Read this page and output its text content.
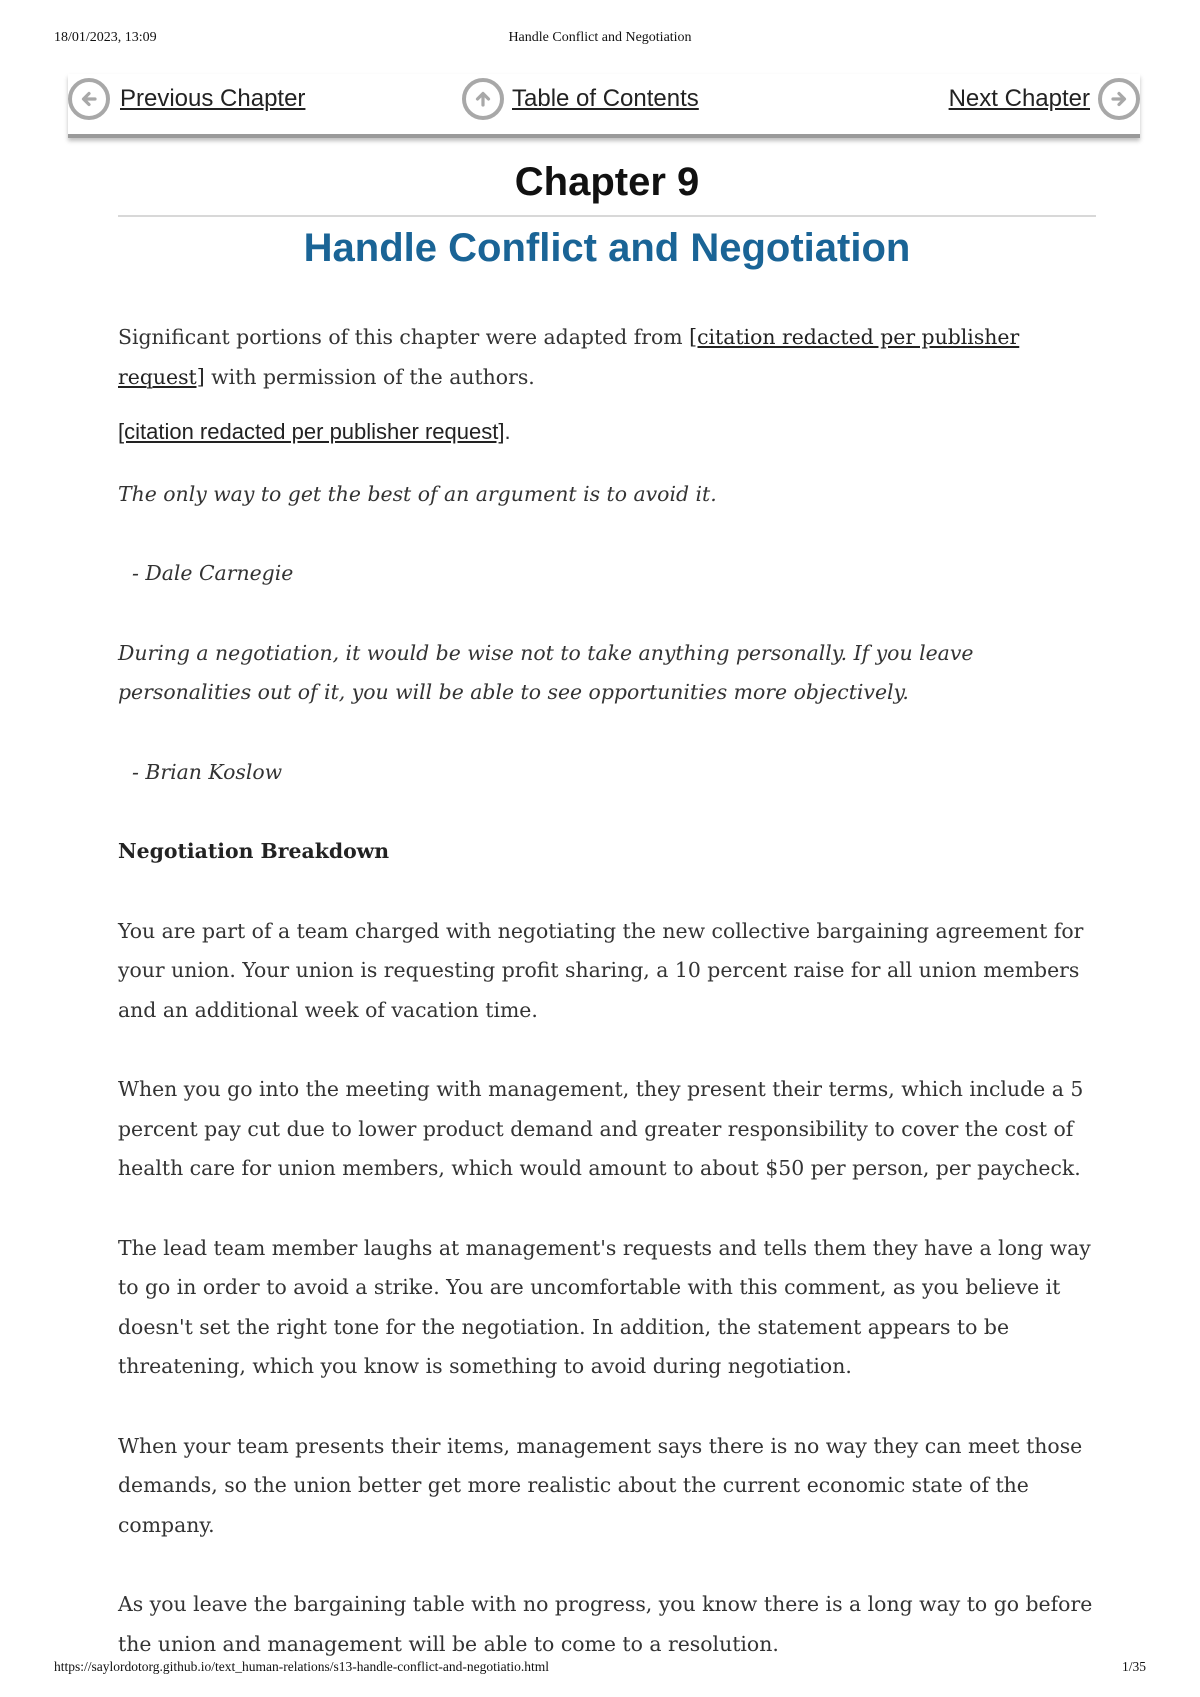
18/01/2023, 13:09	Handle Conflict and Negotiation
Previous Chapter	Table of Contents	Next Chapter
Chapter 9
Handle Conflict and Negotiation

Significant portions of this chapter were adapted from [citation redacted per publisher request] with permission of the authors.

[citation redacted per publisher request].

The only way to get the best of an argument is to avoid it.

- Dale Carnegie

During a negotiation, it would be wise not to take anything personally. If you leave personalities out of it, you will be able to see opportunities more objectively.

- Brian Koslow

Negotiation Breakdown

You are part of a team charged with negotiating the new collective bargaining agreement for your union. Your union is requesting profit sharing, a 10 percent raise for all union members and an additional week of vacation time.

When you go into the meeting with management, they present their terms, which include a 5 percent pay cut due to lower product demand and greater responsibility to cover the cost of health care for union members, which would amount to about $50 per person, per paycheck.

The lead team member laughs at management's requests and tells them they have a long way to go in order to avoid a strike. You are uncomfortable with this comment, as you believe it doesn't set the right tone for the negotiation. In addition, the statement appears to be threatening, which you know is something to avoid during negotiation.

When your team presents their items, management says there is no way they can meet those demands, so the union better get more realistic about the current economic state of the company.

As you leave the bargaining table with no progress, you know there is a long way to go before the union and management will be able to come to a resolution.

https://saylordotorg.github.io/text_human-relations/s13-handle-conflict-and-negotiatio.html	1/35
